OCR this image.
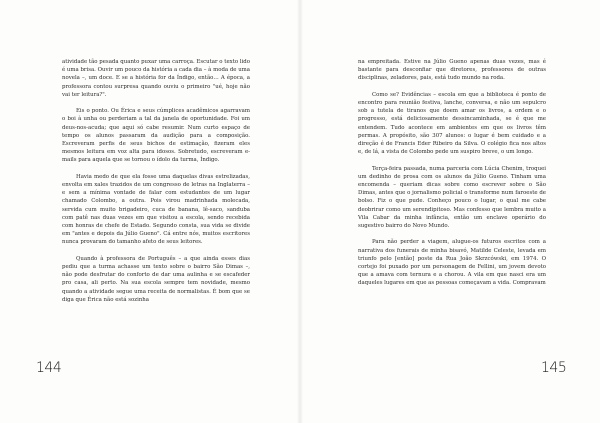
atividade tão pesada quanto puxar uma carroça. Escutar o texto lido é uma brisa. Ouvir um pouco da história a cada dia – à moda de uma novela –, um doce. E se a história for da Índigo, então… A época, a professora contou surpresa quando ouviu o primeiro "ué, hoje não vai ter leitura?".

Eis o ponto. Ou Érica e seus cúmplices acadêmicos agarravam o boi à unha ou perderiam a tal da janela de oportunidade. Foi um deus-nos-acuda; que aqui só cabe resumir. Num curto espaço de tempo os alunos passaram da audição para a composição. Escreveram perfis de seus bichos de estimação, fizeram eles mesmos leitura em voz alta para idosos. Sobretudo, escreveram e-mails para aquela que se tornou o ídolo da turma, Índigo.

Havia medo de que ela fosse uma daquelas divas estrelizadas, envolta em xales trazidos de um congresso de letras na Inglaterra – e sem a mínima vontade de falar com estudantes de um lugar chamado Colombo, a outra. Pois virou madrinhada molecada, servida cum muito brigadeiro, cuca de banana, lê-saco, sanduba com patê nas duas vezes em que visitou a escola, sendo recebida com honras de chefe de Estado. Segundo consta, sua vida se divide em "antes e depois da Júlio Gueno". Cá entre nós, muitos escritores nunca provaram do tamanho afeto de seus leitores.

Quando à professora de Português – a que ainda esses dias pediu que a turma achasse um texto sobre o bairro São Dimas –, não pode desfrutar do conforto de dar uma aulinha e se escafeder pro casa, ali perto. Na sua escola sempre tem novidade, mesmo quando a atividade segue uma receita de normalistas. É bom que se diga que Érica não está sozinha

na empreitada. Estive na Júlio Gueno apenas duas vezes, mas é bastante para desconfiar que diretores, professores de outras disciplinas, zeladores, pais, está tudo mundo na roda.

Como se? Evidências – escola em que a biblioteca é ponto de encontro para reunião festiva, lanche, conversa, e não um sepulcro sob a tutela de tiranos que doem amar os livros, a ordem e o progresso, está deliciosamente dessincaminhada, se é que me entendem. Tudo acontece em ambientes em que os livros têm permas. A propósito, são 307 alunos: o lugar é bem cuidado e a direção é de Francis Eder Ribeiro da Silva. O colégio fica nos altos e, de lá, a vista de Colombo pede um suspiro breve, o um longo.

Terça-feira passada, numa parceria com Lúcia Chenim, troquei um dedinho de prosa com os alunos da Júlio Gueno. Tinham uma encomenda – queriam dicas sobre como escrever sobre o São Dimas, antes que o jornalismo policial o transforme num faroeste de bolso. Fiz o que pude. Conheço pouco o lugar, o qual me cabe deobrirar como um serendipitoso. Mas confesso que lembra muito a Vila Cabar da minha infância, então um enclave operário do sugestivo bairro do Novo Mundo.

Para não perder a viagem, alugue-os futuros escritos com a narrativa dos funerais de minha bisavó, Matilde Celeste, levada em triunfo pelo [então] poste da Rua João Skrzcówski, em 1974. O cortejo foi puxado por um personagem de Fellini, um jovem devoto que a amava com ternura e a chorou. A vila em que nasci era um daqueles lugares em que as pessoas começavam a vida. Compravam

144	145
